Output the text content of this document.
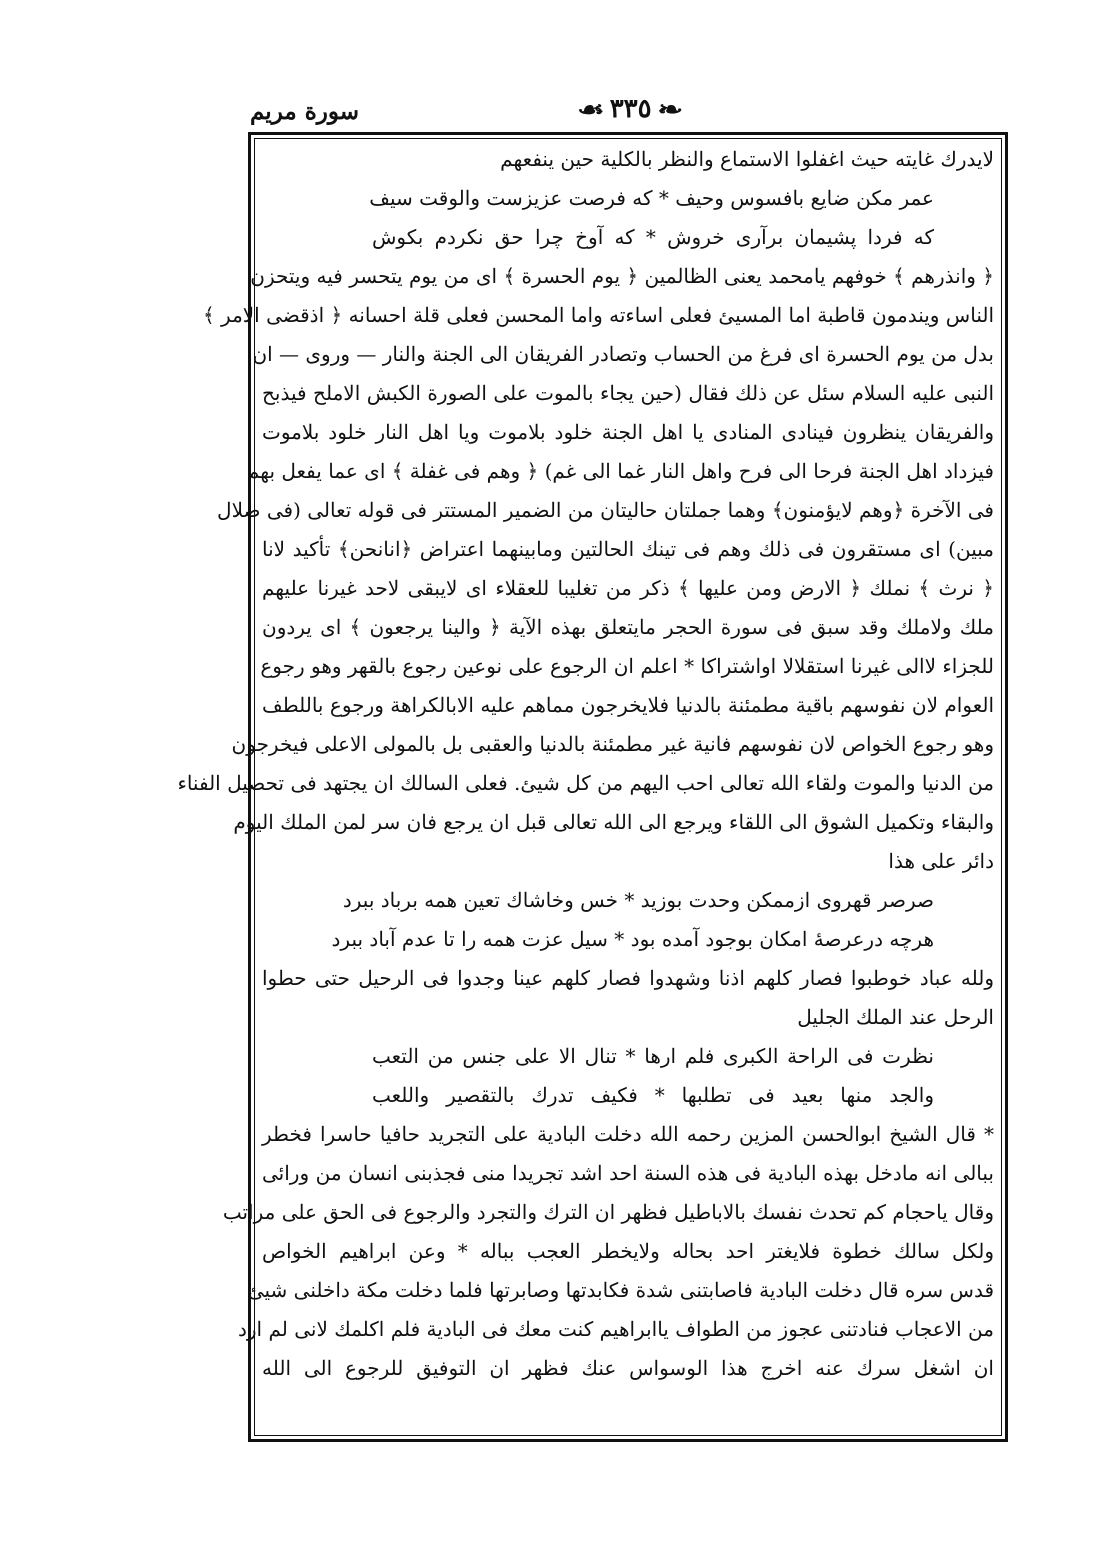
سورة مريم	❧ ٣٣٥ ☙
لايدرك غايته حيث اغفلوا الاستماع والنظر بالكلية حين ينفعهم
عمر مكن ضايع بافسوس وحيف * كه فرصت عزيزست والوقت سيف
كه فردا پشيمان برآرى خروش * كه آوخ چرا حق نكردم بكوش
﴿ وانذرهم ﴾ خوفهم يامحمد يعنى الظالمين ﴿ يوم الحسرة ﴾ اى من يوم يتحسر فيه ويتحزن
الناس ويندمون قاطبة اما المسيئ فعلى اساءته واما المحسن فعلى قلة احسانه ﴿ اذقضى الامر ﴾
بدل من يوم الحسرة اى فرغ من الحساب وتصادر الفريقان الى الجنة والنار — وروى — ان
النبى عليه السلام سئل عن ذلك فقال (حين يجاء بالموت على الصورة الكبش الاملح فيذبح
والفريقان ينظرون فينادى المنادى يا اهل الجنة خلود بلاموت ويا اهل النار خلود بلاموت
فيزداد اهل الجنة فرحا الى فرح واهل النار غما الى غم) ﴿ وهم فى غفلة ﴾ اى عما يفعل بهم
فى الآخرة ﴿وهم لايؤمنون﴾ وهما جملتان حاليتان من الضمير المستتر فى قوله تعالى (فى ضلال
مبين) اى مستقرون فى ذلك وهم فى تينك الحالتين ومابينهما اعتراض ﴿انانحن﴾ تأكيد لانا
﴿ نرث ﴾ نملك ﴿ الارض ومن عليها ﴾ ذكر من تغليبا للعقلاء اى لايبقى لاحد غيرنا عليهم
ملك ولاملك وقد سبق فى سورة الحجر مايتعلق بهذه الآية ﴿ والينا يرجعون ﴾ اى يردون
للجزاء لاالى غيرنا استقلالا اواشتراكا * اعلم ان الرجوع على نوعين رجوع بالقهر وهو رجوع
العوام لان نفوسهم باقية مطمئنة بالدنيا فلايخرجون مماهم عليه الابالكراهة ورجوع باللطف
وهو رجوع الخواص لان نفوسهم فانية غير مطمئنة بالدنيا والعقبى بل بالمولى الاعلى فيخرجون
من الدنيا والموت ولقاء الله تعالى احب اليهم من كل شيئ. فعلى السالك ان يجتهد فى تحصيل الفناء
والبقاء وتكميل الشوق الى اللقاء ويرجع الى الله تعالى قبل ان يرجع فان سر لمن الملك اليوم
دائر على هذا
صرصر قهروى ازممكن وحدت بوزيد * خس وخاشاك تعين همه برباد ببرد
هرچه درعرصهٔ امكان بوجود آمده بود * سيل عزت همه را تا عدم آباد ببرد
ولله عباد خوطبوا فصار كلهم اذنا وشهدوا فصار كلهم عينا وجدوا فى الرحيل حتى حطوا
الرحل عند الملك الجليل
نظرت فى الراحة الكبرى فلم ارها * تنال الا على جنس من التعب
والجد منها بعيد فى تطلبها * فكيف تدرك بالتقصير واللعب
* قال الشيخ ابوالحسن المزين رحمه الله دخلت البادية على التجريد حافيا حاسرا فخطر
ببالى انه مادخل بهذه البادية فى هذه السنة احد اشد تجريدا منى فجذبنى انسان من ورائى
وقال ياحجام كم تحدث نفسك بالاباطيل فظهر ان الترك والتجرد والرجوع فى الحق على مراتب
ولكل سالك خطوة فلايغتر احد بحاله ولايخطر العجب بباله * وعن ابراهيم الخواص
قدس سره قال دخلت البادية فاصابتنى شدة فكابدتها وصابرتها فلما دخلت مكة داخلنى شيئ
من الاعجاب فنادتنى عجوز من الطواف ياابراهيم كنت معك فى البادية فلم اكلمك لانى لم ارد
ان اشغل سرك عنه اخرج هذا الوسواس عنك فظهر ان التوفيق للرجوع الى الله
